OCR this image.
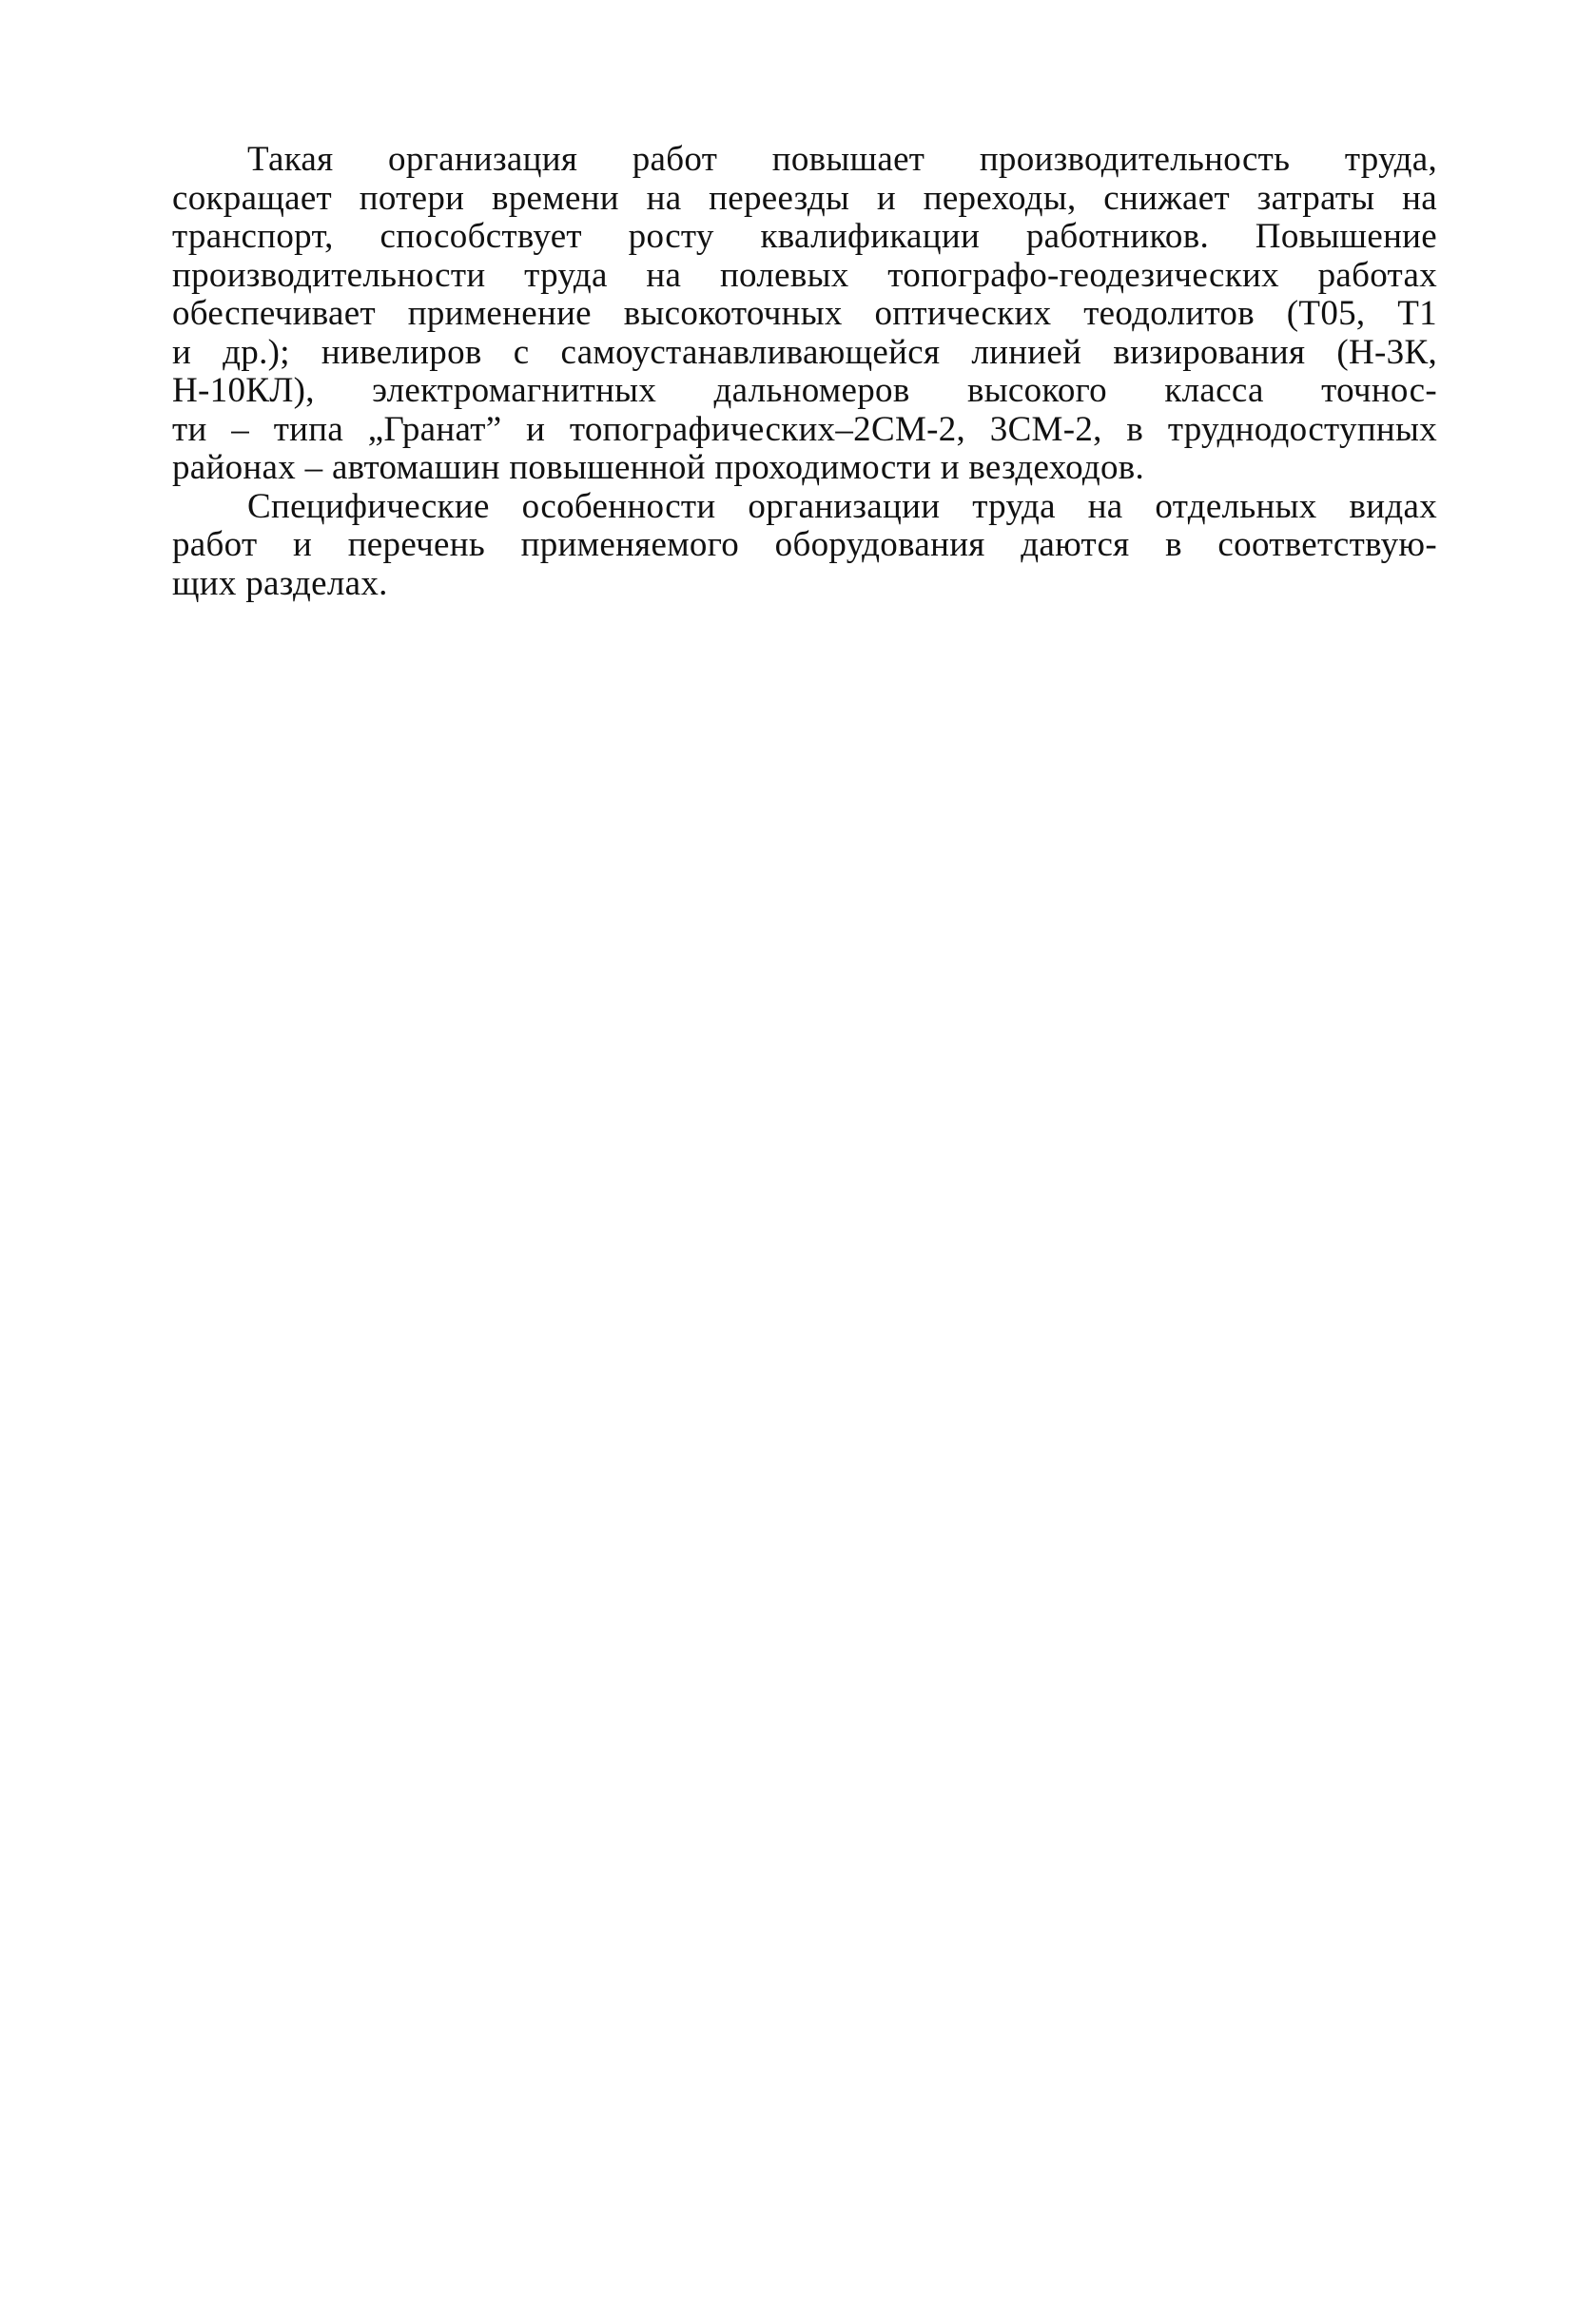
Такая организация работ повышает производительность труда,
сокращает потери времени на переезды и переходы, снижает затраты на
транспорт, способствует росту квалификации работников. Повышение
производительности труда на полевых топографо-геодезических работах
обеспечивает применение высокоточных оптических теодолитов (Т05, Т1
и др.); нивелиров с самоустанавливающейся линией визирования (Н-3К,
Н-10КЛ), электромагнитных дальномеров высокого класса точнос-
ти – типа „Гранат” и топографических–2СМ-2, 3СМ-2, в труднодоступных
районах – автомашин повышенной проходимости и вездеходов.
Специфические особенности организации труда на отдельных видах
работ и перечень применяемого оборудования даются в соответствую-
щих разделах.
